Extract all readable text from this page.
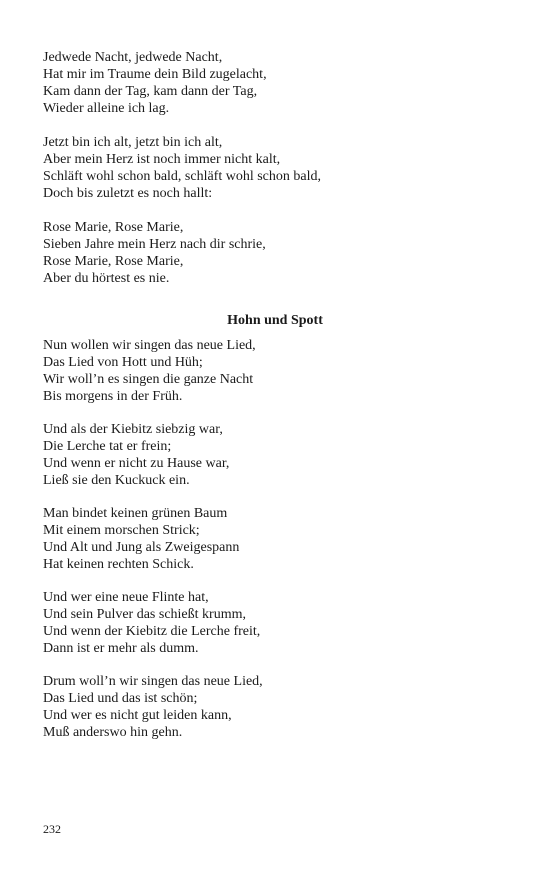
Jedwede Nacht, jedwede Nacht,
Hat mir im Traume dein Bild zugelacht,
Kam dann der Tag, kam dann der Tag,
Wieder alleine ich lag.
Jetzt bin ich alt, jetzt bin ich alt,
Aber mein Herz ist noch immer nicht kalt,
Schläft wohl schon bald, schläft wohl schon bald,
Doch bis zuletzt es noch hallt:
Rose Marie, Rose Marie,
Sieben Jahre mein Herz nach dir schrie,
Rose Marie, Rose Marie,
Aber du hörtest es nie.
Hohn und Spott
Nun wollen wir singen das neue Lied,
Das Lied von Hott und Hüh;
Wir woll’n es singen die ganze Nacht
Bis morgens in der Früh.
Und als der Kiebitz siebzig war,
Die Lerche tat er frein;
Und wenn er nicht zu Hause war,
Ließ sie den Kuckuck ein.
Man bindet keinen grünen Baum
Mit einem morschen Strick;
Und Alt und Jung als Zweigespann
Hat keinen rechten Schick.
Und wer eine neue Flinte hat,
Und sein Pulver das schießt krumm,
Und wenn der Kiebitz die Lerche freit,
Dann ist er mehr als dumm.
Drum woll’n wir singen das neue Lied,
Das Lied und das ist schön;
Und wer es nicht gut leiden kann,
Muß anderswo hin gehn.
232
